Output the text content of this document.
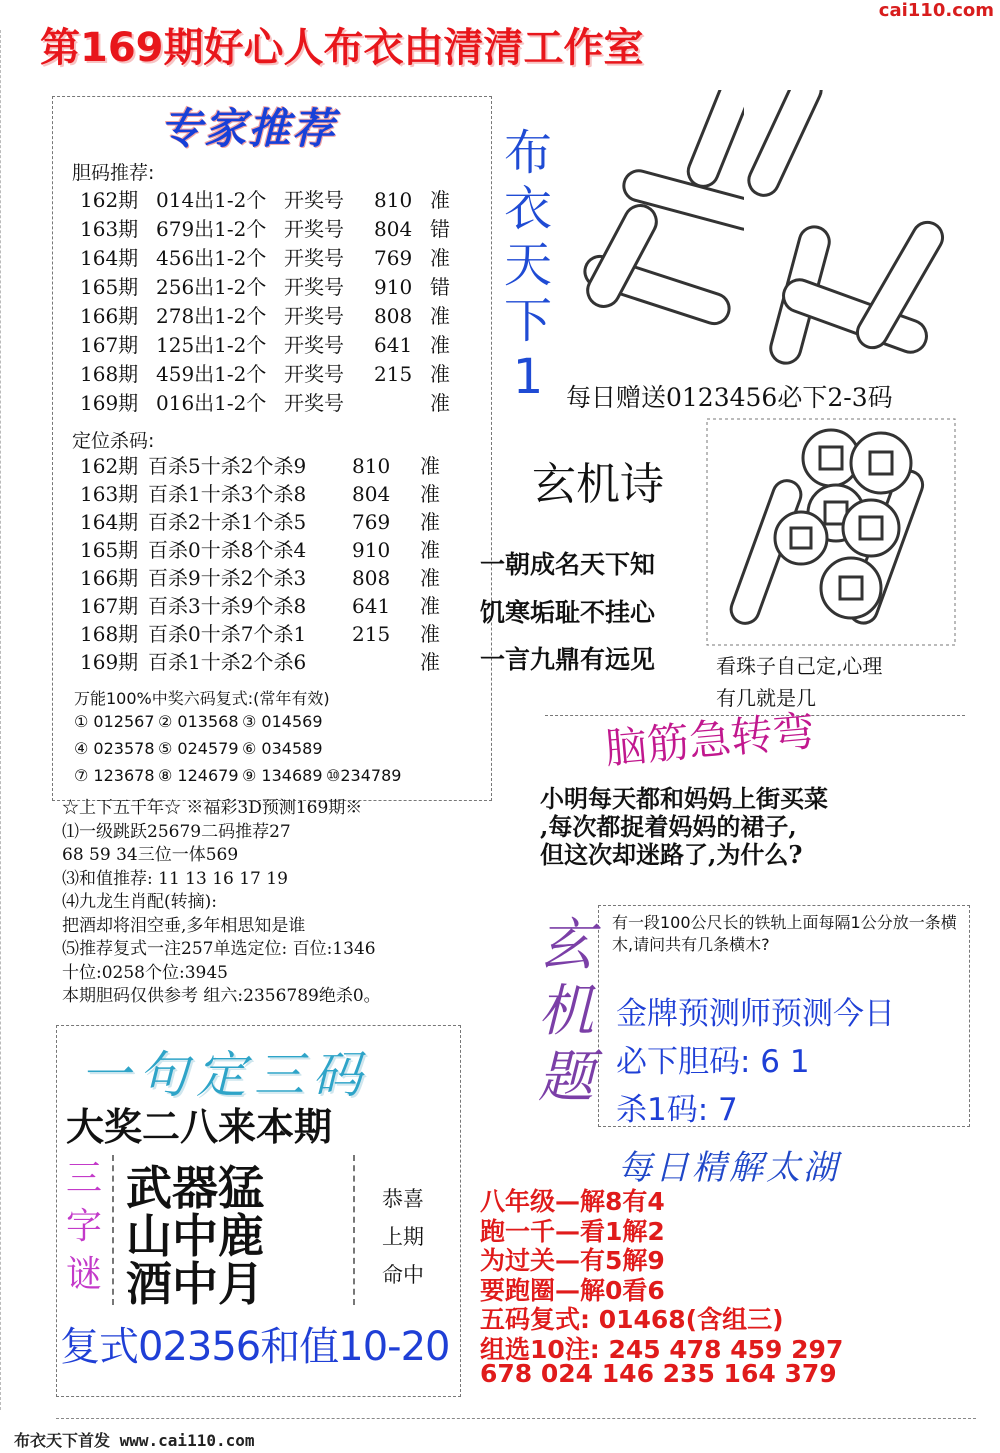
第169期好心人布衣由清清工作室
cai110.com
专家推荐
胆码推荐:
162期 014出1-2个 开奖号 810 准
163期 679出1-2个 开奖号 804 错
164期 456出1-2个 开奖号 769 准
165期 256出1-2个 开奖号 910 错
166期 278出1-2个 开奖号 808 准
167期 125出1-2个 开奖号 641 准
168期 459出1-2个 开奖号 215 准
169期 016出1-2个 开奖号	准
定位杀码:
162期 百杀5十杀2个杀9 810 准
163期 百杀1十杀3个杀8 804 准
164期 百杀2十杀1个杀5 769 准
165期 百杀0十杀8个杀4 910 准
166期 百杀9十杀2个杀3 808 准
167期 百杀3十杀9个杀8 641 准
168期 百杀0十杀7个杀1 215 准
169期 百杀1十杀2个杀6	准
万能100%中奖六码复式:(常年有效)
① 012567 ② 013568 ③ 014569
④ 023578 ⑤ 024579 ⑥ 034589
⑦ 123678 ⑧ 124679 ⑨ 134689 ⑩234789
☆上下五千年☆ ※福彩3D预测169期※
⑴一级跳跃25679二码推荐27
68 59 34三位一体569
⑶和值推荐: 11 13 16 17 19
⑷九龙生肖配(转摘):
把酒却将泪空垂,多年相思知是谁
⑸推荐复式一注257单选定位: 百位:1346
十位:0258个位:3945
本期胆码仅供参考 组六:2356789绝杀0。
布
衣
天
下
1 每日赠送0123456必下2-3码
玄机诗
一朝成名天下知
饥寒垢耻不挂心
一言九鼎有远见	看珠子自己定,心理
有几就是几
脑筋急转弯
小明每天都和妈妈上街买菜
,每次都捉着妈妈的裙子,
但这次却迷路了,为什么?
玄
机
题
有一段100公尺长的铁轨上面每隔1公分放一条横木,请问共有几条横木?
金牌预测师预测今日
必下胆码: 6 1
杀1码: 7
每日精解太湖
八年级—解8有4
跑一千—看1解2
为过关—有5解9
要跑圈—解0看6
五码复式: 01468(含组三)
组选10注: 245 478 459 297
678 024 146 235 164 379
一句定三码
大奖二八来本期
三
字
谜
武器猛
山中鹿
酒中月
恭喜
上期
命中
复式02356和值10-20
布衣天下首发 www.cai110.com
